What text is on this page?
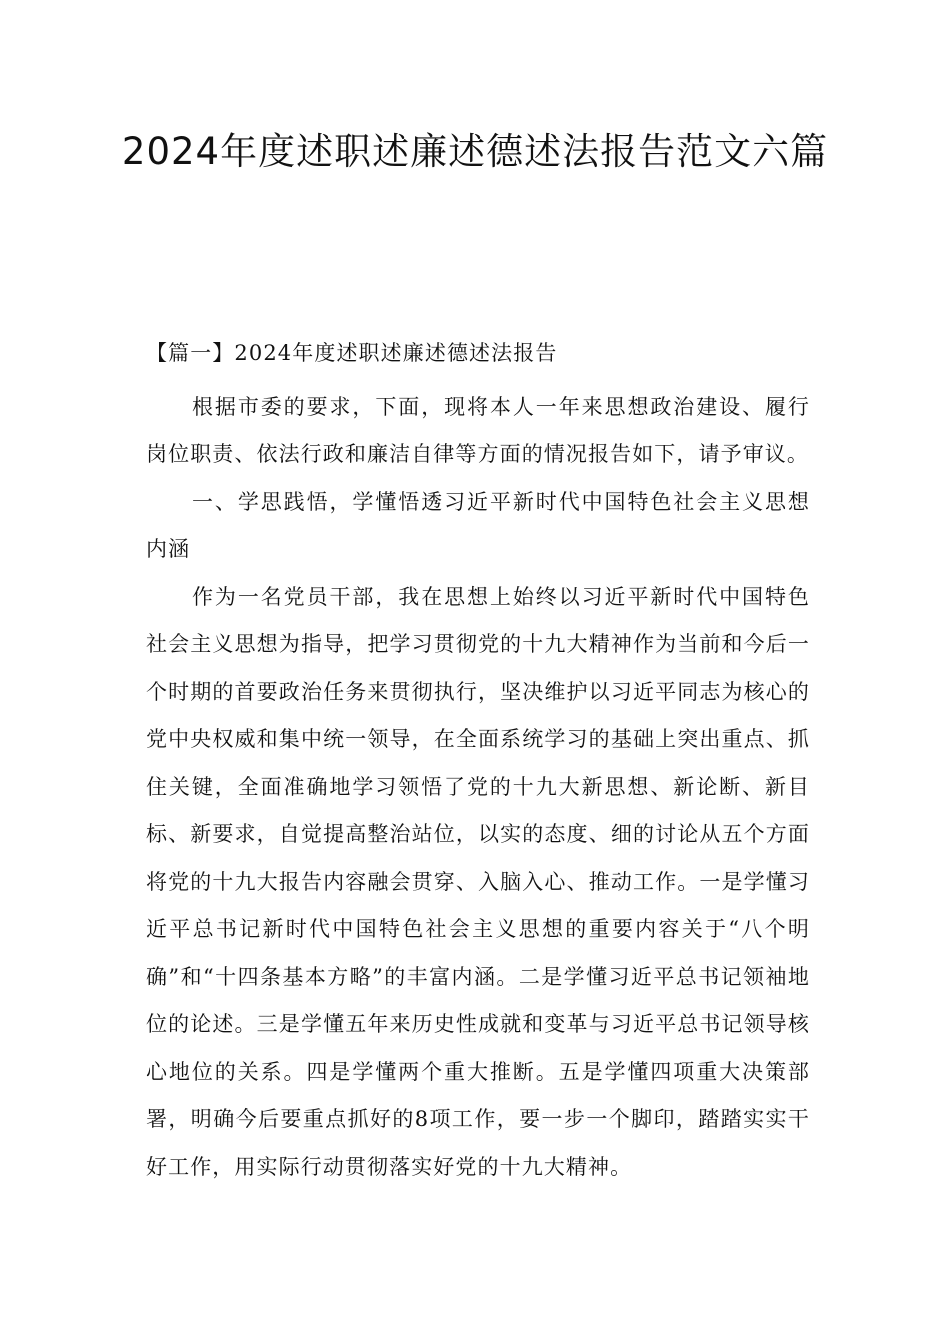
2024年度述职述廉述德述法报告范文六篇

【篇一】2024年度述职述廉述德述法报告

根据市委的要求，下面，现将本人一年来思想政治建设、履行岗位职责、依法行政和廉洁自律等方面的情况报告如下，请予审议。

一、学思践悟，学懂悟透习近平新时代中国特色社会主义思想内涵

作为一名党员干部，我在思想上始终以习近平新时代中国特色社会主义思想为指导，把学习贯彻党的十九大精神作为当前和今后一个时期的首要政治任务来贯彻执行，坚决维护以习近平同志为核心的党中央权威和集中统一领导，在全面系统学习的基础上突出重点、抓住关键，全面准确地学习领悟了党的十九大新思想、新论断、新目标、新要求，自觉提高整治站位，以实的态度、细的讨论从五个方面将党的十九大报告内容融会贯穿、入脑入心、推动工作。一是学懂习近平总书记新时代中国特色社会主义思想的重要内容关于“八个明确”和“十四条基本方略”的丰富内涵。二是学懂习近平总书记领袖地位的论述。三是学懂五年来历史性成就和变革与习近平总书记领导核心地位的关系。四是学懂两个重大推断。五是学懂四项重大决策部署，明确今后要重点抓好的8项工作，要一步一个脚印，踏踏实实干好工作，用实际行动贯彻落实好党的十九大精神。
